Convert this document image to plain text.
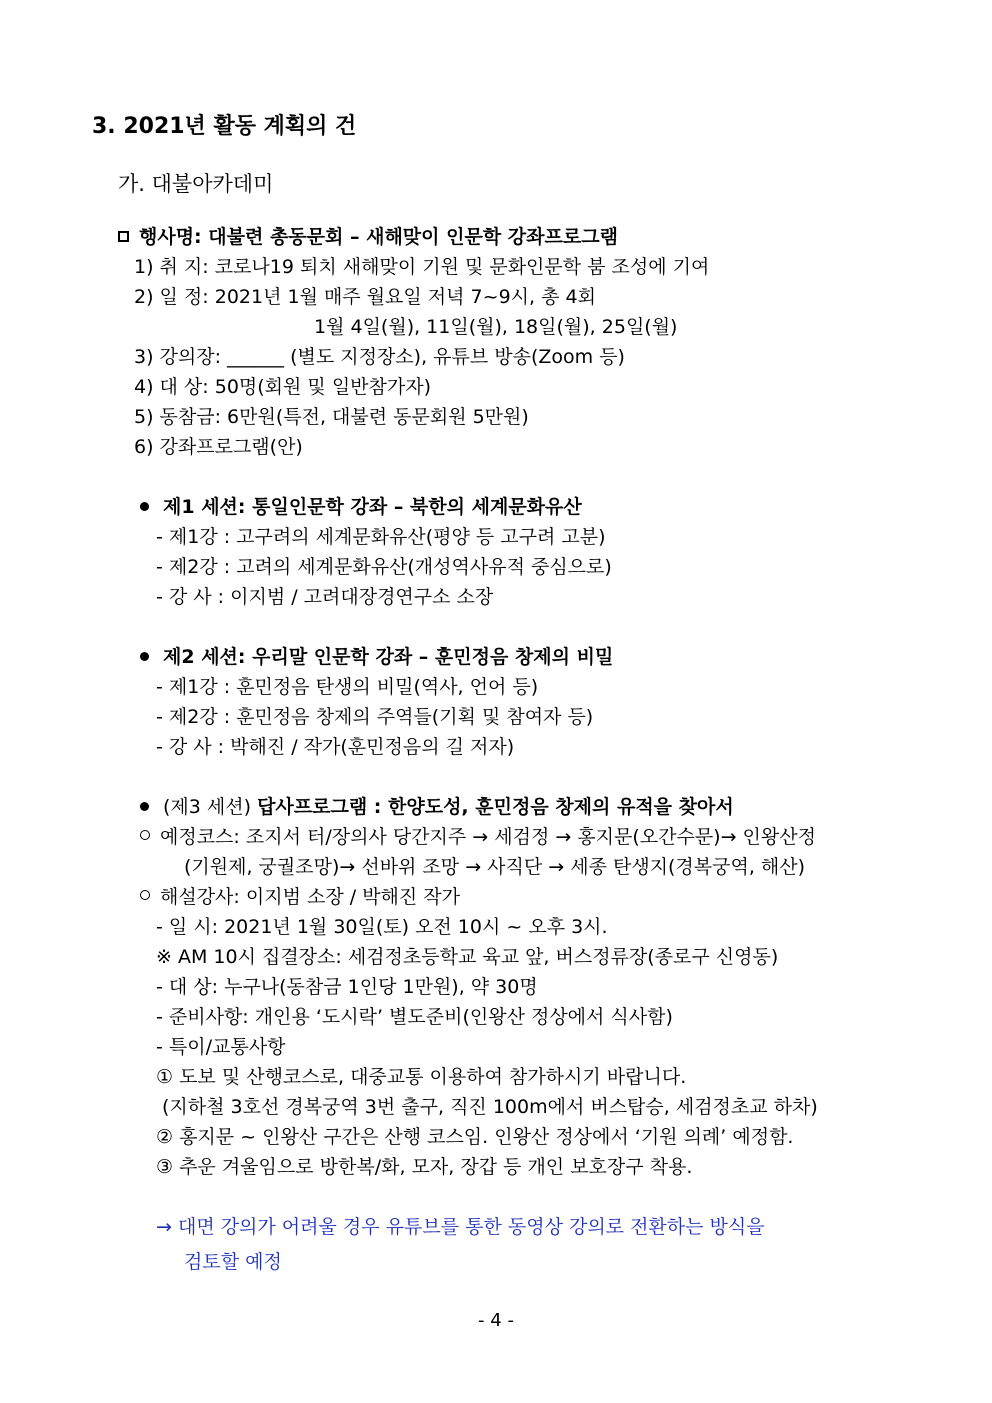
3. 2021년 활동 계획의 건
가. 대불아카데미
행사명: 대불련 총동문회 – 새해맞이 인문학 강좌프로그램
1) 취 지: 코로나19 퇴치 새해맞이 기원 및 문화인문학 붐 조성에 기여
2) 일 정: 2021년 1월 매주 월요일 저녁 7~9시, 총 4회
1월 4일(월), 11일(월), 18일(월), 25일(월)
3) 강의장: ______ (별도 지정장소), 유튜브 방송(Zoom 등)
4) 대 상: 50명(회원 및 일반참가자)
5) 동참금: 6만원(특전, 대불련 동문회원 5만원)
6) 강좌프로그램(안)
제1 세션: 통일인문학 강좌 – 북한의 세계문화유산
- 제1강 : 고구려의 세계문화유산(평양 등 고구려 고분)
- 제2강 : 고려의 세계문화유산(개성역사유적 중심으로)
- 강 사 : 이지범 / 고려대장경연구소 소장
제2 세션: 우리말 인문학 강좌 – 훈민정음 창제의 비밀
- 제1강 : 훈민정음 탄생의 비밀(역사, 언어 등)
- 제2강 : 훈민정음 창제의 주역들(기획 및 참여자 등)
- 강 사 : 박해진 / 작가(훈민정음의 길 저자)
(제3 세션) 답사프로그램 : 한양도성, 훈민정음 창제의 유적을 찾아서
예정코스: 조지서 터/장의사 당간지주 → 세검정 → 홍지문(오간수문)→ 인왕산정
(기원제, 궁궐조망)→ 선바위 조망 → 사직단 → 세종 탄생지(경복궁역, 해산)
해설강사: 이지범 소장 / 박해진 작가
- 일 시: 2021년 1월 30일(토) 오전 10시 ~ 오후 3시.
※ AM 10시 집결장소: 세검정초등학교 육교 앞, 버스정류장(종로구 신영동)
- 대 상: 누구나(동참금 1인당 1만원), 약 30명
- 준비사항: 개인용 ‘도시락’ 별도준비(인왕산 정상에서 식사함)
- 특이/교통사항
① 도보 및 산행코스로, 대중교통 이용하여 참가하시기 바랍니다.
(지하철 3호선 경복궁역 3번 출구, 직진 100m에서 버스탑승, 세검정초교 하차)
② 홍지문 ~ 인왕산 구간은 산행 코스임. 인왕산 정상에서 ‘기원 의례’ 예정함.
③ 추운 겨울임으로 방한복/화, 모자, 장갑 등 개인 보호장구 착용.
→ 대면 강의가 어려울 경우 유튜브를 통한 동영상 강의로 전환하는 방식을
검토할 예정
- 4 -
